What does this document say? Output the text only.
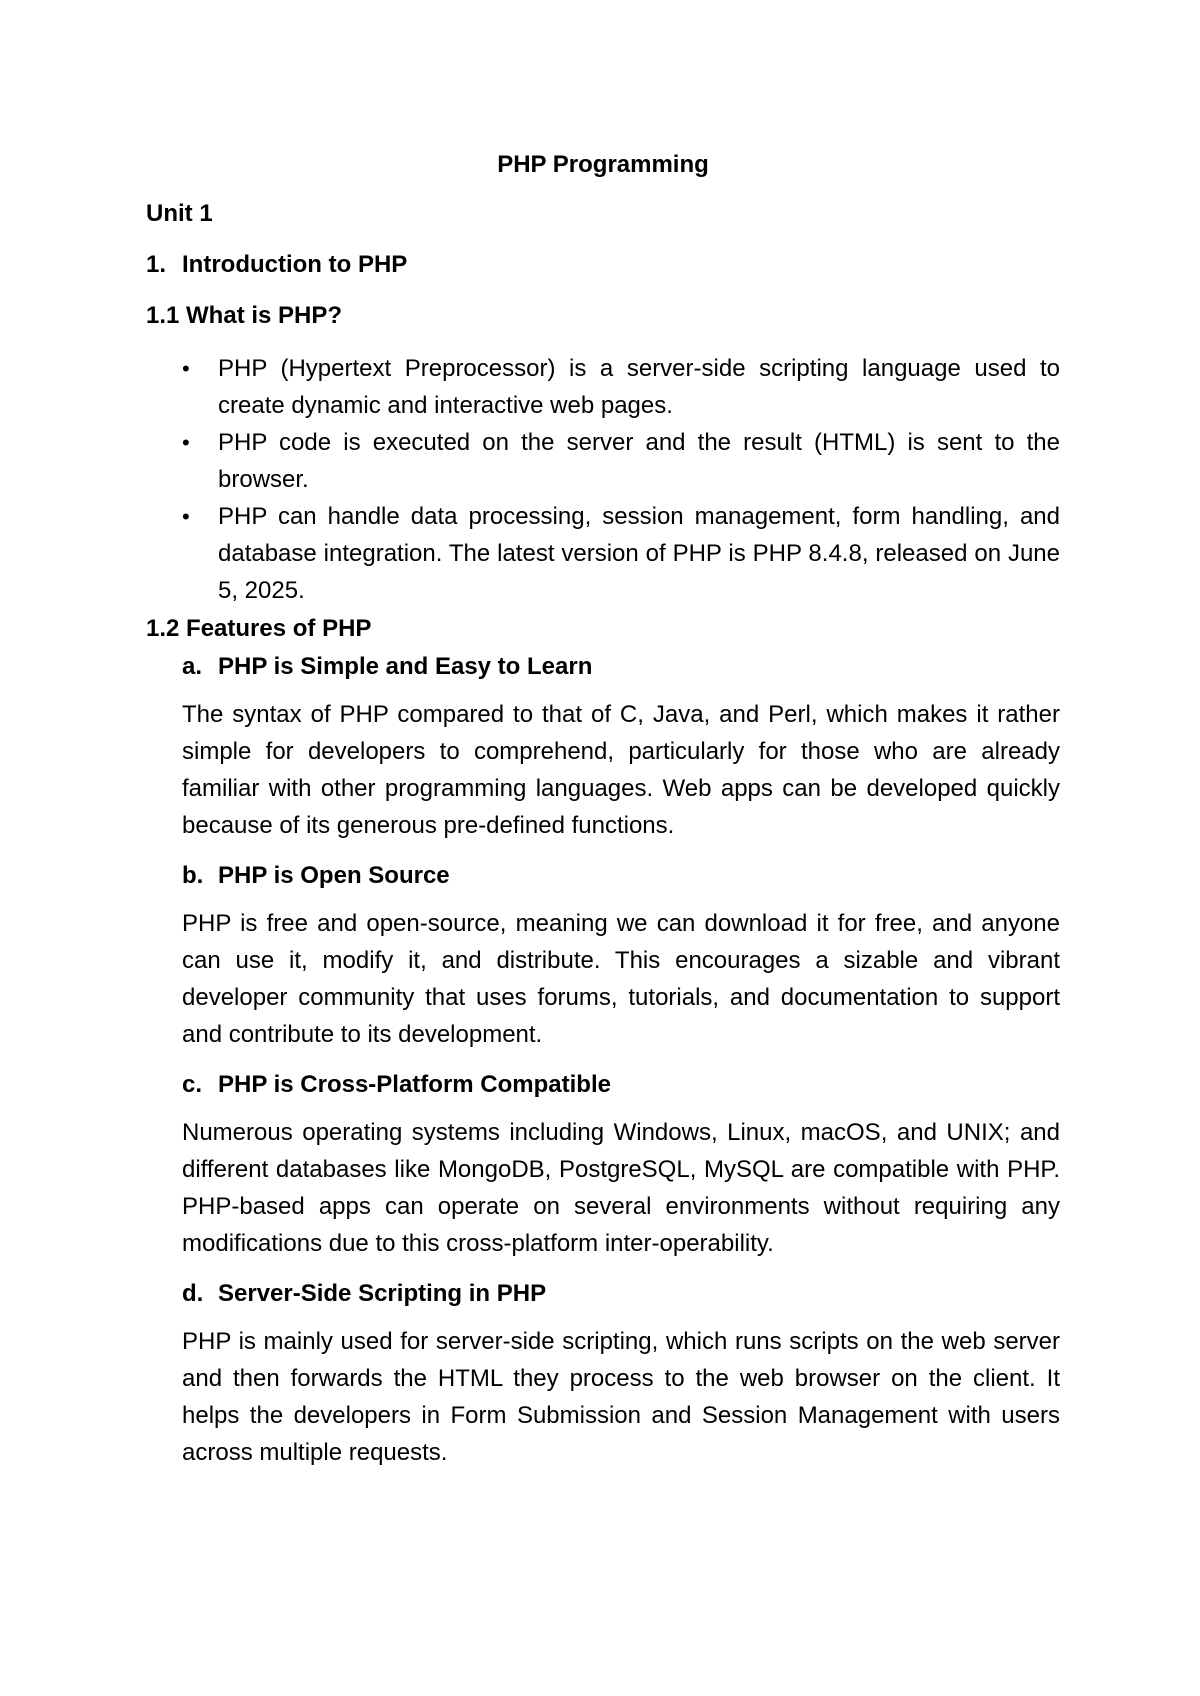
PHP Programming
Unit 1
1. Introduction to PHP
1.1 What is PHP?
• PHP (Hypertext Preprocessor) is a server-side scripting language used to create dynamic and interactive web pages.
• PHP code is executed on the server and the result (HTML) is sent to the browser.
• PHP can handle data processing, session management, form handling, and database integration. The latest version of PHP is PHP 8.4.8, released on June 5, 2025.
1.2 Features of PHP
a. PHP is Simple and Easy to Learn
The syntax of PHP compared to that of C, Java, and Perl, which makes it rather simple for developers to comprehend, particularly for those who are already familiar with other programming languages. Web apps can be developed quickly because of its generous pre-defined functions.
b. PHP is Open Source
PHP is free and open-source, meaning we can download it for free, and anyone can use it, modify it, and distribute. This encourages a sizable and vibrant developer community that uses forums, tutorials, and documentation to support and contribute to its development.
c. PHP is Cross-Platform Compatible
Numerous operating systems including Windows, Linux, macOS, and UNIX; and different databases like MongoDB, PostgreSQL, MySQL are compatible with PHP. PHP-based apps can operate on several environments without requiring any modifications due to this cross-platform inter-operability.
d. Server-Side Scripting in PHP
PHP is mainly used for server-side scripting, which runs scripts on the web server and then forwards the HTML they process to the web browser on the client. It helps the developers in Form Submission and Session Management with users across multiple requests.
